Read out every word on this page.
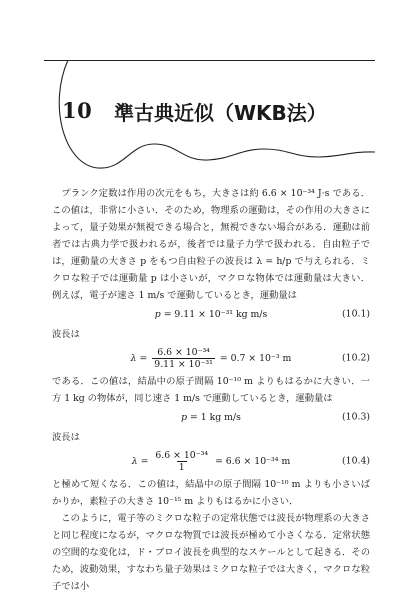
10 準古典近似（WKB法）

プランク定数は作用の次元をもち，大きさは約 6.6 × 10⁻³⁴ J·s である．この値は，非常に小さい．そのため，物理系の運動は，その作用の大きさによって，量子効果が無視できる場合と，無視できない場合がある．運動は前者では古典力学で扱われるが，後者では量子力学で扱われる．自由粒子では，運動量の大きさ p をもつ自由粒子の波長は λ = h/p で与えられる．ミクロな粒子では運動量 p は小さいが，マクロな物体では運動量は大きい．例えば，電子が速さ 1 m/s で運動しているとき，運動量は

p = 9.11 × 10⁻³¹ kg m/s	(10.1)

波長は

$\lambda = \frac{\text{6.6 × 10⁻³⁴}}{\text{9.11 × 10⁻³¹}} = 0.7 \times 10^{-3}$ m	(10.2)

である．この値は，結晶中の原子間隔 10⁻¹⁰ m よりもはるかに大きい．一方 1 kg の物体が，同じ速さ 1 m/s で運動しているとき，運動量は

p = 1 kg m/s	(10.3)

波長は

$\lambda = \frac{\text{6.6 × 10⁻³⁴}}{1} = 6.6 \times 10^{-34}$ m	(10.4)

と極めて短くなる．この値は，結晶中の原子間隔 10⁻¹⁰ m よりも小さいばかりか，素粒子の大きさ 10⁻¹⁵ m よりもはるかに小さい．

このように，電子等のミクロな粒子の定常状態では波長が物理系の大きさと同じ程度になるが，マクロな物質では波長が極めて小さくなる．定常状態の空間的な変化は，ド・ブロイ波長を典型的なスケールとして起きる．そのため，波動効果，すなわち量子効果はミクロな粒子では大きく，マクロな粒子では小
